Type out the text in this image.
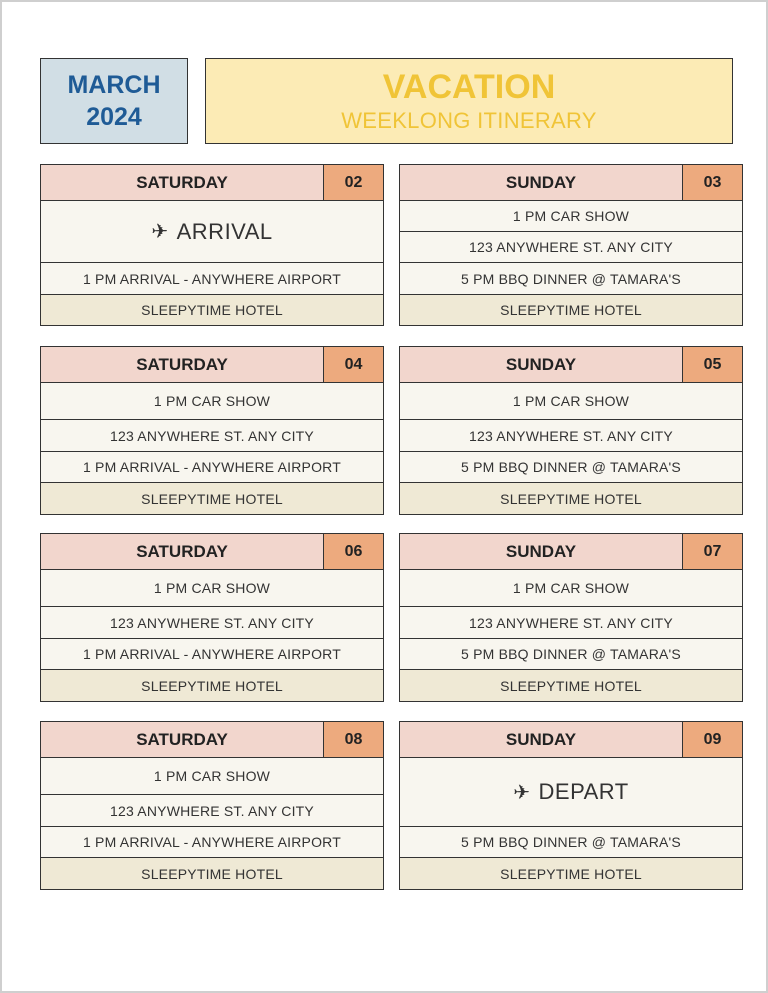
MARCH
2024
VACATION
WEEKLONG ITINERARY
SATURDAY	02
✈ ARRIVAL
1 PM ARRIVAL - ANYWHERE AIRPORT
SLEEPYTIME HOTEL
SUNDAY	03
1 PM CAR SHOW
123 ANYWHERE ST. ANY CITY
5 PM BBQ DINNER @ TAMARA'S
SLEEPYTIME HOTEL
SATURDAY	04
1 PM CAR SHOW
123 ANYWHERE ST. ANY CITY
1 PM ARRIVAL - ANYWHERE AIRPORT
SLEEPYTIME HOTEL
SUNDAY	05
1 PM CAR SHOW
123 ANYWHERE ST. ANY CITY
5 PM BBQ DINNER @ TAMARA'S
SLEEPYTIME HOTEL
SATURDAY	06
1 PM CAR SHOW
123 ANYWHERE ST. ANY CITY
1 PM ARRIVAL - ANYWHERE AIRPORT
SLEEPYTIME HOTEL
SUNDAY	07
1 PM CAR SHOW
123 ANYWHERE ST. ANY CITY
5 PM BBQ DINNER @ TAMARA'S
SLEEPYTIME HOTEL
SATURDAY	08
1 PM CAR SHOW
123 ANYWHERE ST. ANY CITY
1 PM ARRIVAL - ANYWHERE AIRPORT
SLEEPYTIME HOTEL
SUNDAY	09
✈ DEPART
5 PM BBQ DINNER @ TAMARA'S
SLEEPYTIME HOTEL
